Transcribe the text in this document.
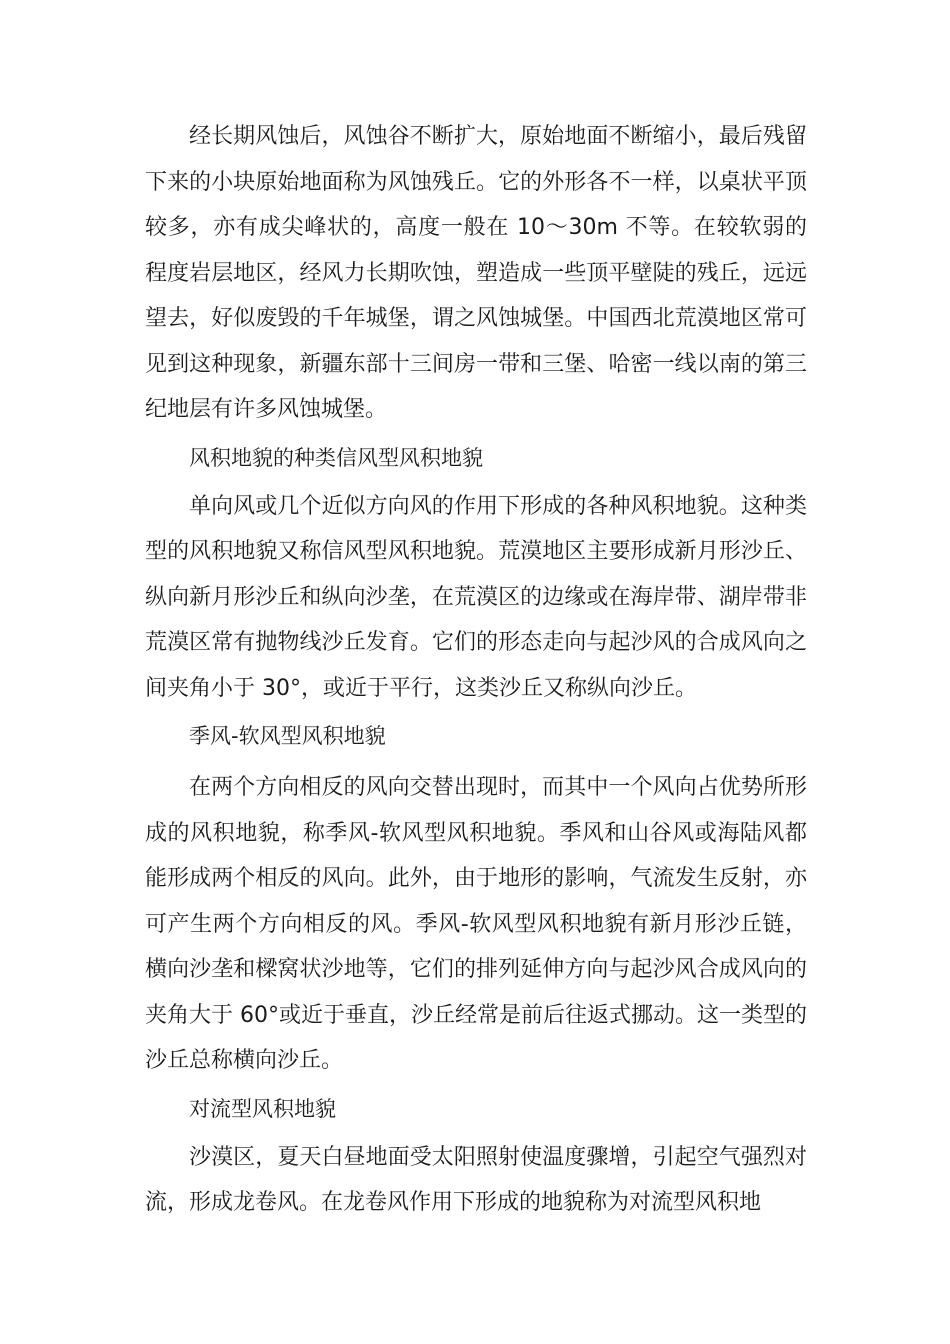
经长期风蚀后，风蚀谷不断扩大，原始地面不断缩小，最后残留下来的小块原始地面称为风蚀残丘。它的外形各不一样，以桌状平顶较多，亦有成尖峰状的，高度一般在 10～30m 不等。在较软弱的程度岩层地区，经风力长期吹蚀，塑造成一些顶平壁陡的残丘，远远望去，好似废毁的千年城堡，谓之风蚀城堡。中国西北荒漠地区常可见到这种现象，新疆东部十三间房一带和三堡、哈密一线以南的第三纪地层有许多风蚀城堡。

风积地貌的种类信风型风积地貌

单向风或几个近似方向风的作用下形成的各种风积地貌。这种类型的风积地貌又称信风型风积地貌。荒漠地区主要形成新月形沙丘、纵向新月形沙丘和纵向沙垄，在荒漠区的边缘或在海岸带、湖岸带非荒漠区常有抛物线沙丘发育。它们的形态走向与起沙风的合成风向之间夹角小于 30°，或近于平行，这类沙丘又称纵向沙丘。

季风-软风型风积地貌

在两个方向相反的风向交替出现时，而其中一个风向占优势所形成的风积地貌，称季风-软风型风积地貌。季风和山谷风或海陆风都能形成两个相反的风向。此外，由于地形的影响，气流发生反射，亦可产生两个方向相反的风。季风-软风型风积地貌有新月形沙丘链，横向沙垄和樑窝状沙地等，它们的排列延伸方向与起沙风合成风向的夹角大于 60°或近于垂直，沙丘经常是前后往返式挪动。这一类型的沙丘总称横向沙丘。

对流型风积地貌

沙漠区，夏天白昼地面受太阳照射使温度骤增，引起空气强烈对流，形成龙卷风。在龙卷风作用下形成的地貌称为对流型风积地
